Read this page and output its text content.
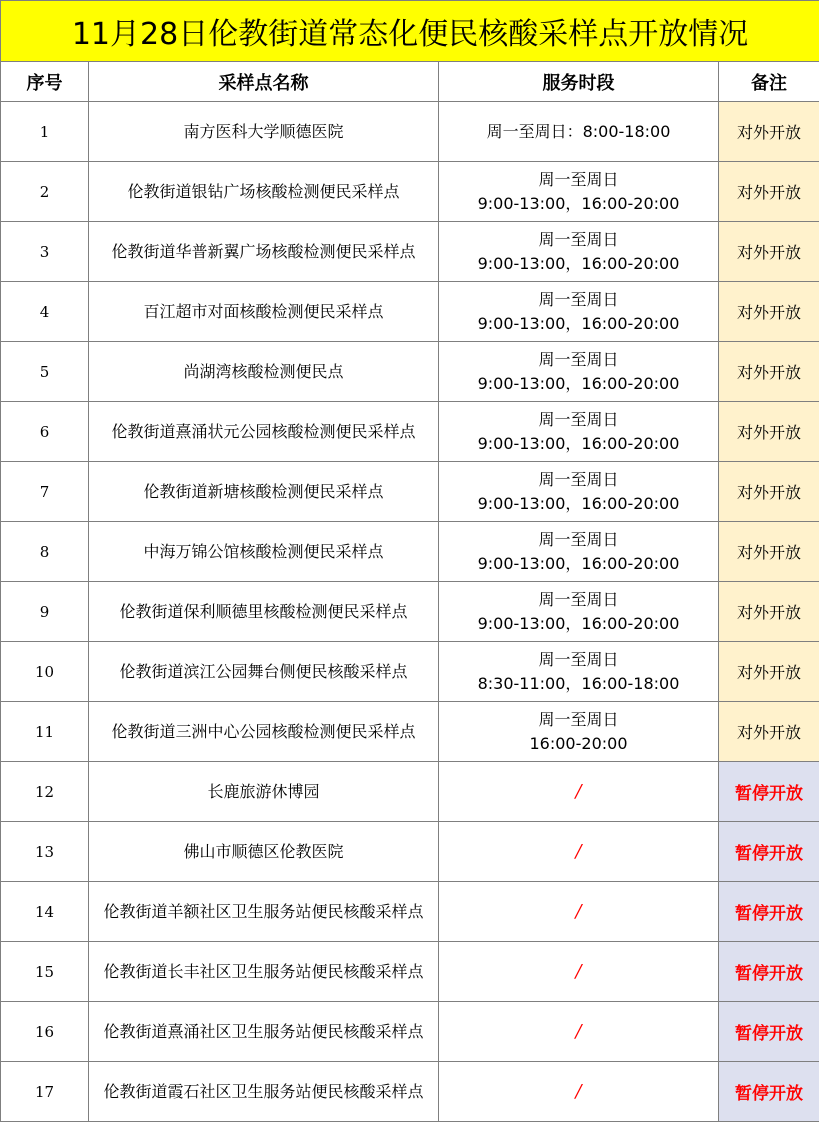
11月28日伦教街道常态化便民核酸采样点开放情况			
序号	采样点名称	服务时段	备注
1	南方医科大学顺德医院	周一至周日：8:00-18:00	对外开放
2	伦教街道银钻广场核酸检测便民采样点	周一至周日
9:00-13:00，16:00-20:00	对外开放
3	伦教街道华普新翼广场核酸检测便民采样点	周一至周日
9:00-13:00，16:00-20:00	对外开放
4	百江超市对面核酸检测便民采样点	周一至周日
9:00-13:00，16:00-20:00	对外开放
5	尚湖湾核酸检测便民点	周一至周日
9:00-13:00，16:00-20:00	对外开放
6	伦教街道熹涌状元公园核酸检测便民采样点	周一至周日
9:00-13:00，16:00-20:00	对外开放
7	伦教街道新塘核酸检测便民采样点	周一至周日
9:00-13:00，16:00-20:00	对外开放
8	中海万锦公馆核酸检测便民采样点	周一至周日
9:00-13:00，16:00-20:00	对外开放
9	伦教街道保利顺德里核酸检测便民采样点	周一至周日
9:00-13:00，16:00-20:00	对外开放
10	伦教街道滨江公园舞台侧便民核酸采样点	周一至周日
8:30-11:00，16:00-18:00	对外开放
11	伦教街道三洲中心公园核酸检测便民采样点	周一至周日
16:00-20:00	对外开放
12	长鹿旅游休博园	/	暂停开放
13	佛山市顺德区伦教医院	/	暂停开放
14	伦教街道羊额社区卫生服务站便民核酸采样点	/	暂停开放
15	伦教街道长丰社区卫生服务站便民核酸采样点	/	暂停开放
16	伦教街道熹涌社区卫生服务站便民核酸采样点	/	暂停开放
17	伦教街道霞石社区卫生服务站便民核酸采样点	/	暂停开放
